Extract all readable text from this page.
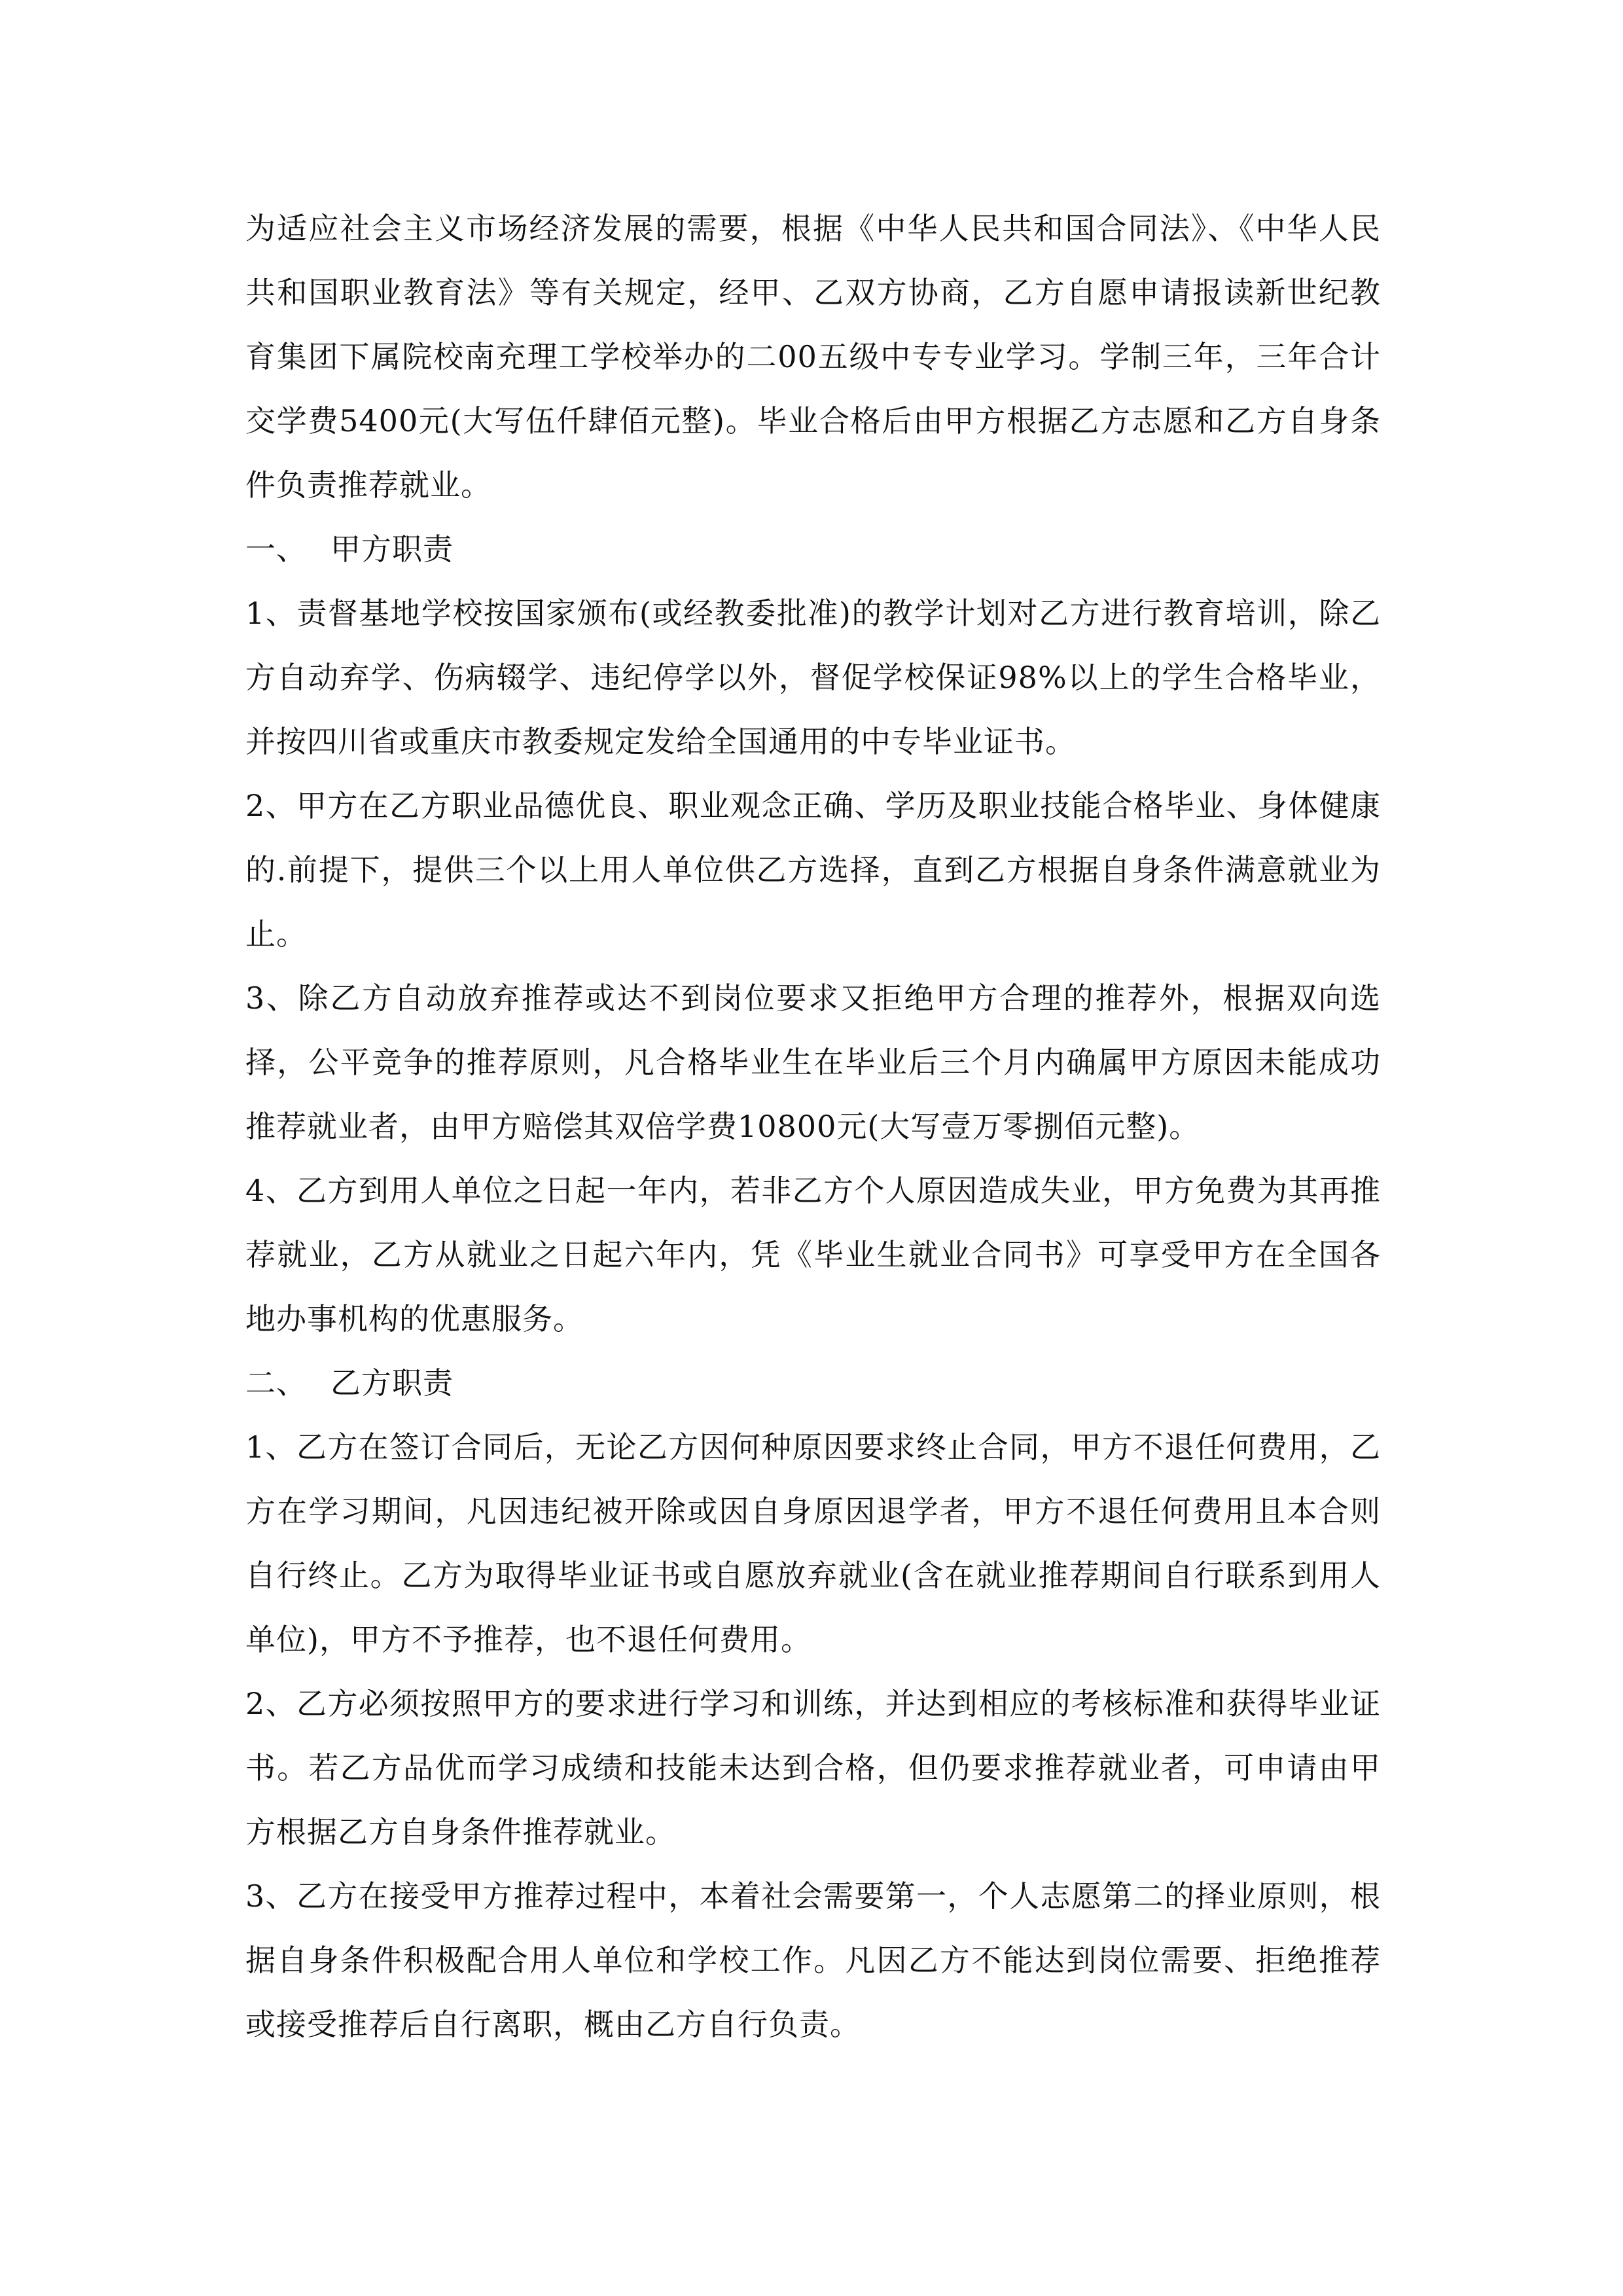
为适应社会主义市场经济发展的需要，根据《中华人民共和国合同法》、《中华人民共和国职业教育法》等有关规定，经甲、乙双方协商，乙方自愿申请报读新世纪教育集团下属院校南充理工学校举办的二00五级中专专业学习。学制三年，三年合计交学费5400元(大写伍仟肆佰元整)。毕业合格后由甲方根据乙方志愿和乙方自身条件负责推荐就业。

一、 甲方职责

1、责督基地学校按国家颁布(或经教委批准)的教学计划对乙方进行教育培训，除乙方自动弃学、伤病辍学、违纪停学以外，督促学校保证98%以上的学生合格毕业，并按四川省或重庆市教委规定发给全国通用的中专毕业证书。

2、甲方在乙方职业品德优良、职业观念正确、学历及职业技能合格毕业、身体健康的.前提下，提供三个以上用人单位供乙方选择，直到乙方根据自身条件满意就业为止。

3、除乙方自动放弃推荐或达不到岗位要求又拒绝甲方合理的推荐外，根据双向选择，公平竞争的推荐原则，凡合格毕业生在毕业后三个月内确属甲方原因未能成功推荐就业者，由甲方赔偿其双倍学费10800元(大写壹万零捌佰元整)。

4、乙方到用人单位之日起一年内，若非乙方个人原因造成失业，甲方免费为其再推荐就业，乙方从就业之日起六年内，凭《毕业生就业合同书》可享受甲方在全国各地办事机构的优惠服务。

二、 乙方职责

1、乙方在签订合同后，无论乙方因何种原因要求终止合同，甲方不退任何费用，乙方在学习期间，凡因违纪被开除或因自身原因退学者，甲方不退任何费用且本合则自行终止。乙方为取得毕业证书或自愿放弃就业(含在就业推荐期间自行联系到用人单位)，甲方不予推荐，也不退任何费用。

2、乙方必须按照甲方的要求进行学习和训练，并达到相应的考核标准和获得毕业证书。若乙方品优而学习成绩和技能未达到合格，但仍要求推荐就业者，可申请由甲方根据乙方自身条件推荐就业。

3、乙方在接受甲方推荐过程中，本着社会需要第一，个人志愿第二的择业原则，根据自身条件积极配合用人单位和学校工作。凡因乙方不能达到岗位需要、拒绝推荐或接受推荐后自行离职，概由乙方自行负责。
